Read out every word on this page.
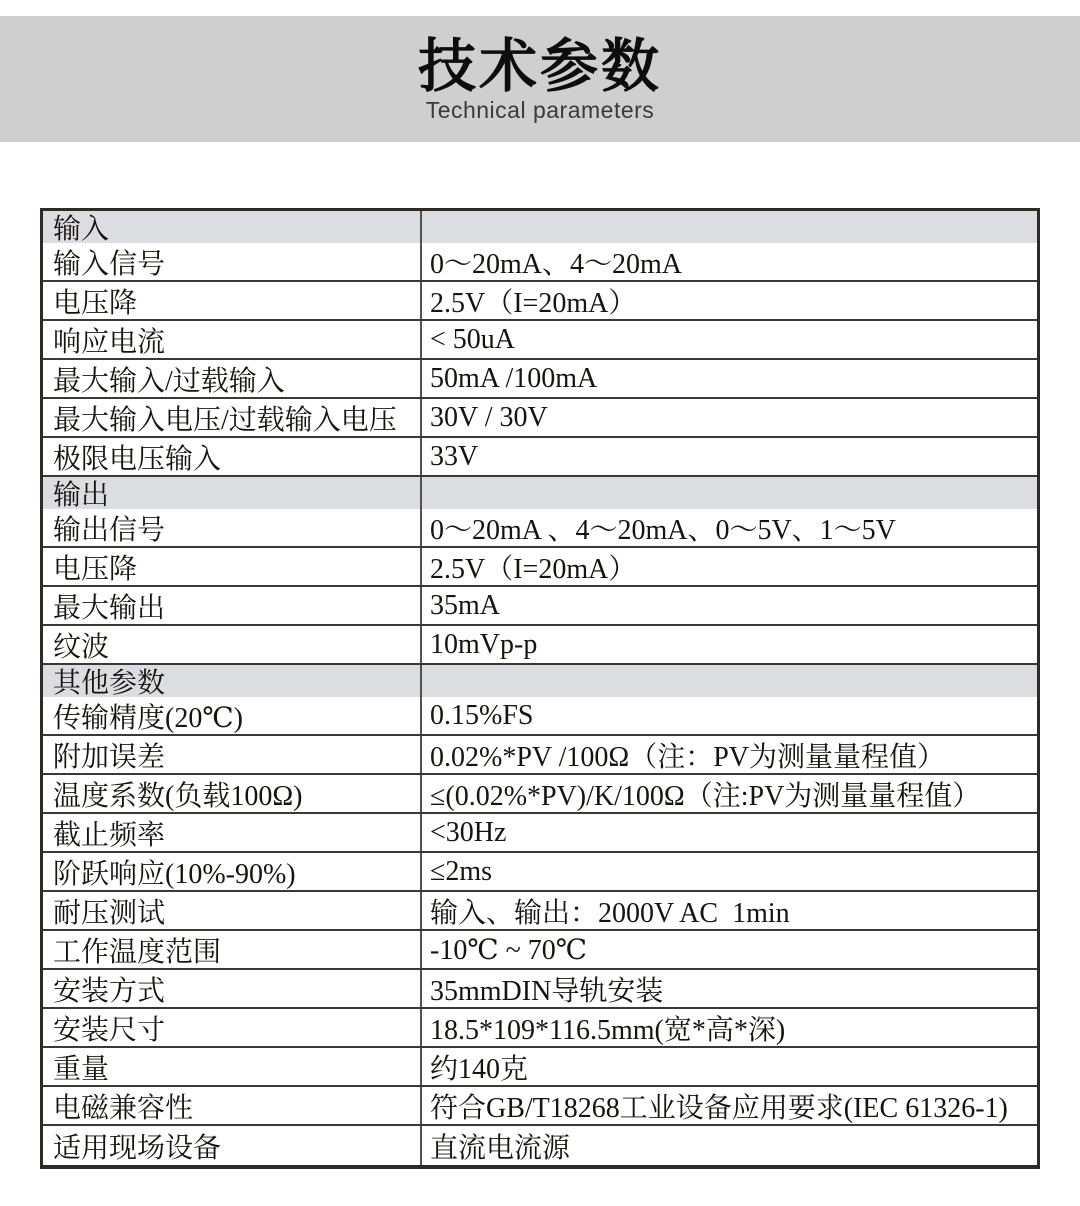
技术参数
Technical parameters
输入
输入信号	0～20mA、4～20mA
电压降	2.5V（I=20mA）
响应电流	< 50uA
最大输入/过载输入	50mA /100mA
最大输入电压/过载输入电压	30V / 30V
极限电压输入	33V
输出
输出信号	0～20mA 、4～20mA、0～5V、1～5V
电压降	2.5V（I=20mA）
最大输出	35mA
纹波	10mVp-p
其他参数
传输精度(20℃)	0.15%FS
附加误差	0.02%*PV /100Ω（注：PV为测量量程值）
温度系数(负载100Ω)	≤(0.02%*PV)/K/100Ω（注:PV为测量量程值）
截止频率	<30Hz
阶跃响应(10%-90%)	≤2ms
耐压测试	输入、输出：2000V AC  1min
工作温度范围	-10℃ ~ 70℃
安装方式	35mmDIN导轨安装
安装尺寸	18.5*109*116.5mm(宽*高*深)
重量	约140克
电磁兼容性	符合GB/T18268工业设备应用要求(IEC 61326-1)
适用现场设备	直流电流源
